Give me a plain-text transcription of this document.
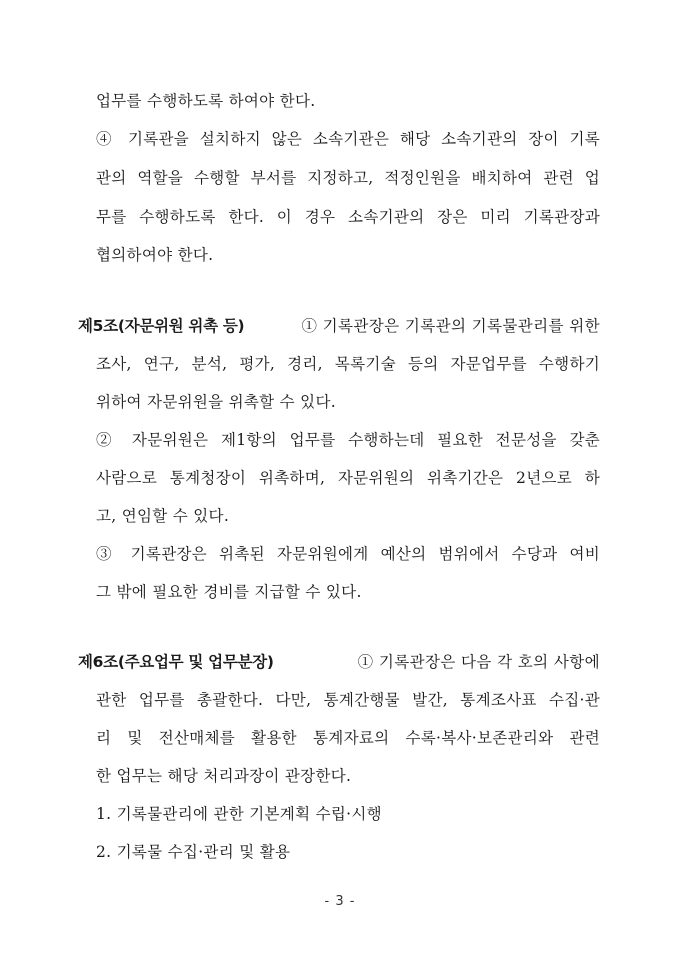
업무를 수행하도록 하여야 한다.
④ 기록관을 설치하지 않은 소속기관은 해당 소속기관의 장이 기록
관의 역할을 수행할 부서를 지정하고, 적정인원을 배치하여 관련 업
무를 수행하도록 한다. 이 경우 소속기관의 장은 미리 기록관장과
협의하여야 한다.
제5조(자문위원 위촉 등)	① 기록관장은 기록관의 기록물관리를 위한
조사, 연구, 분석, 평가, 경리, 목록기술 등의 자문업무를 수행하기
위하여 자문위원을 위촉할 수 있다.
② 자문위원은 제1항의 업무를 수행하는데 필요한 전문성을 갖춘
사람으로 통계청장이 위촉하며, 자문위원의 위촉기간은 2년으로 하
고, 연임할 수 있다.
③ 기록관장은 위촉된 자문위원에게 예산의 범위에서 수당과 여비
그 밖에 필요한 경비를 지급할 수 있다.
제6조(주요업무 및 업무분장)	① 기록관장은 다음 각 호의 사항에
관한 업무를 총괄한다. 다만, 통계간행물 발간, 통계조사표 수집·관
리 및 전산매체를 활용한 통계자료의 수록·복사·보존관리와 관련
한 업무는 해당 처리과장이 관장한다.
1. 기록물관리에 관한 기본계획 수립·시행
2. 기록물 수집·관리 및 활용
- 3 -
